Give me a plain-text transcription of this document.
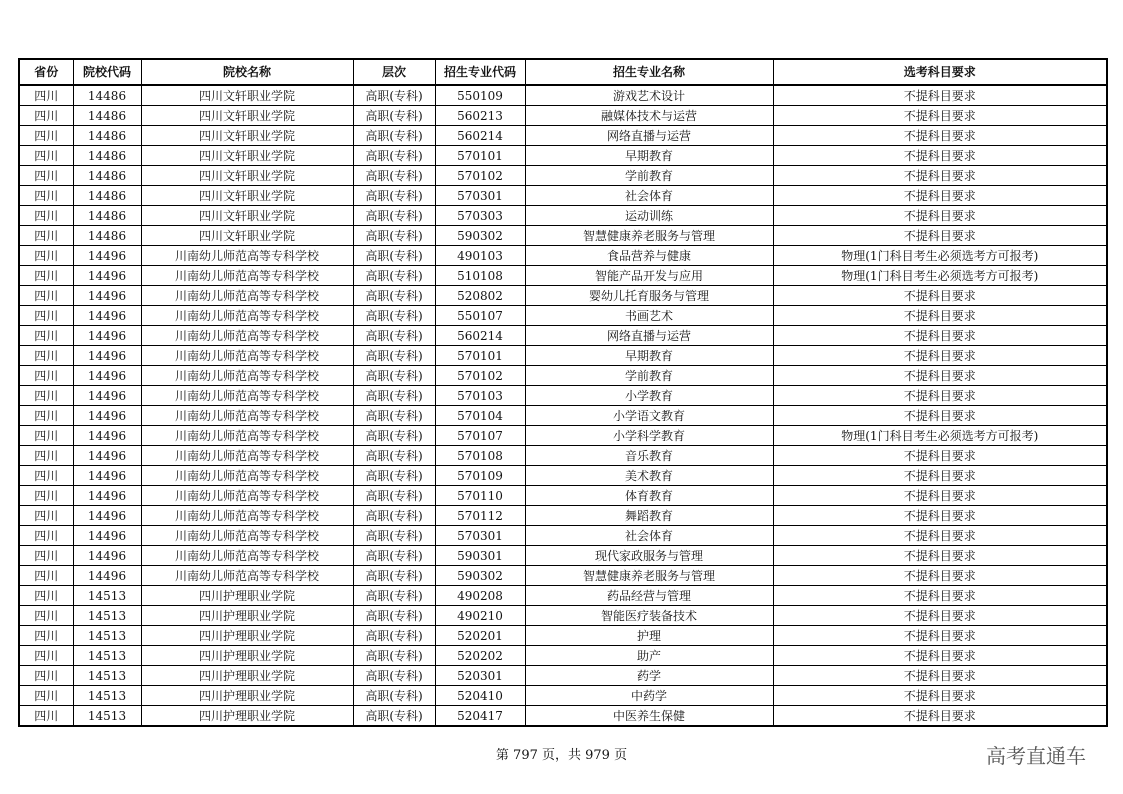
省份	院校代码	院校名称	层次	招生专业代码	招生专业名称	选考科目要求
四川	14486	四川文轩职业学院	高职(专科)	550109	游戏艺术设计	不提科目要求
四川	14486	四川文轩职业学院	高职(专科)	560213	融媒体技术与运营	不提科目要求
四川	14486	四川文轩职业学院	高职(专科)	560214	网络直播与运营	不提科目要求
四川	14486	四川文轩职业学院	高职(专科)	570101	早期教育	不提科目要求
四川	14486	四川文轩职业学院	高职(专科)	570102	学前教育	不提科目要求
四川	14486	四川文轩职业学院	高职(专科)	570301	社会体育	不提科目要求
四川	14486	四川文轩职业学院	高职(专科)	570303	运动训练	不提科目要求
四川	14486	四川文轩职业学院	高职(专科)	590302	智慧健康养老服务与管理	不提科目要求
四川	14496	川南幼儿师范高等专科学校	高职(专科)	490103	食品营养与健康	物理(1门科目考生必须选考方可报考)
四川	14496	川南幼儿师范高等专科学校	高职(专科)	510108	智能产品开发与应用	物理(1门科目考生必须选考方可报考)
四川	14496	川南幼儿师范高等专科学校	高职(专科)	520802	婴幼儿托育服务与管理	不提科目要求
四川	14496	川南幼儿师范高等专科学校	高职(专科)	550107	书画艺术	不提科目要求
四川	14496	川南幼儿师范高等专科学校	高职(专科)	560214	网络直播与运营	不提科目要求
四川	14496	川南幼儿师范高等专科学校	高职(专科)	570101	早期教育	不提科目要求
四川	14496	川南幼儿师范高等专科学校	高职(专科)	570102	学前教育	不提科目要求
四川	14496	川南幼儿师范高等专科学校	高职(专科)	570103	小学教育	不提科目要求
四川	14496	川南幼儿师范高等专科学校	高职(专科)	570104	小学语文教育	不提科目要求
四川	14496	川南幼儿师范高等专科学校	高职(专科)	570107	小学科学教育	物理(1门科目考生必须选考方可报考)
四川	14496	川南幼儿师范高等专科学校	高职(专科)	570108	音乐教育	不提科目要求
四川	14496	川南幼儿师范高等专科学校	高职(专科)	570109	美术教育	不提科目要求
四川	14496	川南幼儿师范高等专科学校	高职(专科)	570110	体育教育	不提科目要求
四川	14496	川南幼儿师范高等专科学校	高职(专科)	570112	舞蹈教育	不提科目要求
四川	14496	川南幼儿师范高等专科学校	高职(专科)	570301	社会体育	不提科目要求
四川	14496	川南幼儿师范高等专科学校	高职(专科)	590301	现代家政服务与管理	不提科目要求
四川	14496	川南幼儿师范高等专科学校	高职(专科)	590302	智慧健康养老服务与管理	不提科目要求
四川	14513	四川护理职业学院	高职(专科)	490208	药品经营与管理	不提科目要求
四川	14513	四川护理职业学院	高职(专科)	490210	智能医疗装备技术	不提科目要求
四川	14513	四川护理职业学院	高职(专科)	520201	护理	不提科目要求
四川	14513	四川护理职业学院	高职(专科)	520202	助产	不提科目要求
四川	14513	四川护理职业学院	高职(专科)	520301	药学	不提科目要求
四川	14513	四川护理职业学院	高职(专科)	520410	中药学	不提科目要求
四川	14513	四川护理职业学院	高职(专科)	520417	中医养生保健	不提科目要求
第 797 页，共 979 页	高考直通车
